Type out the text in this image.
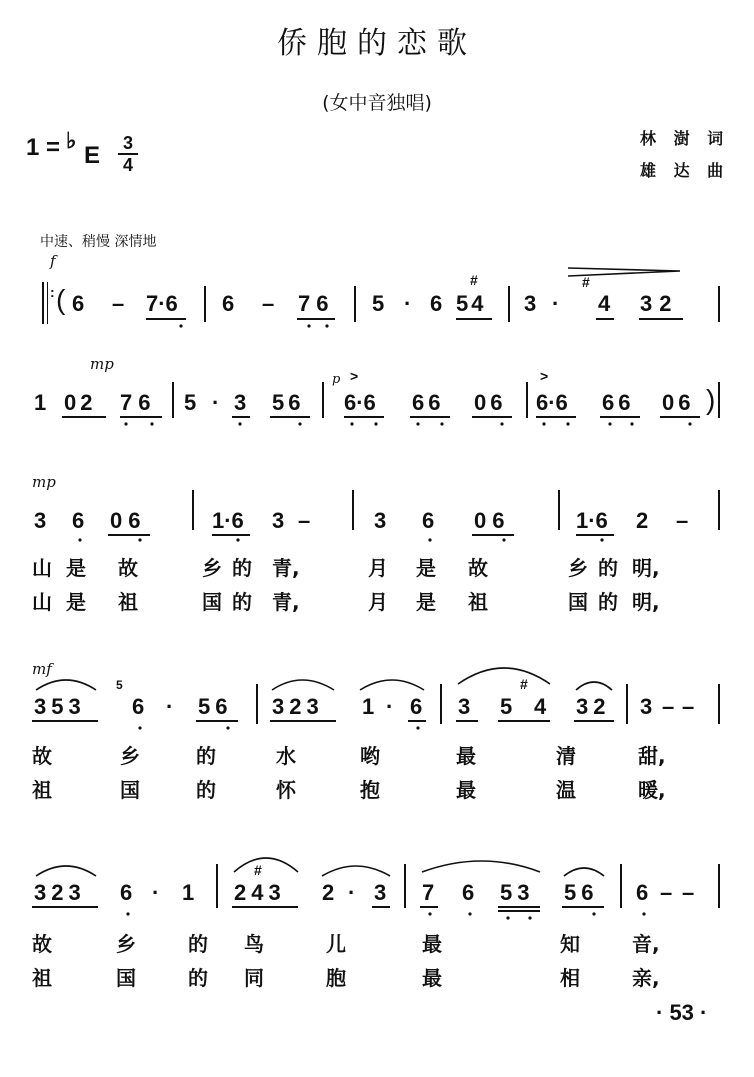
侨胞的恋歌
(女中音独唱)
1 = ♭
E 3
4
林 澍 词
雄 达 曲
中速、稍慢 深情地
f
: ( 6 – 7·6 6 – 76 5 · 6 54
#
3 ·
#
4 32
mp
1 02 76 5 · 3 56
p >
6·6 66 06
>
6·6 66 06 )
mp
3 6 06	1·6 3 –	3 6 06	1·6 2 –
山 是 故	乡 的 青,	月 是 故	乡 的 明,
山 是 祖	国 的 青,	月 是 祖	国 的 明,
mf
353
5
6 · 56 323 1 · 6 3 5
#
4 32 3 – –
故	乡	的	水	哟	最	清	甜,
祖	国	的	怀	抱	最	温	暖,
323 6 · 1 243
#
2 · 3 7 6 53 56 6 – –
故	乡	的 鸟	儿	最	知	音,
祖	国	的 同	胞	最	相	亲,
· 53 ·
